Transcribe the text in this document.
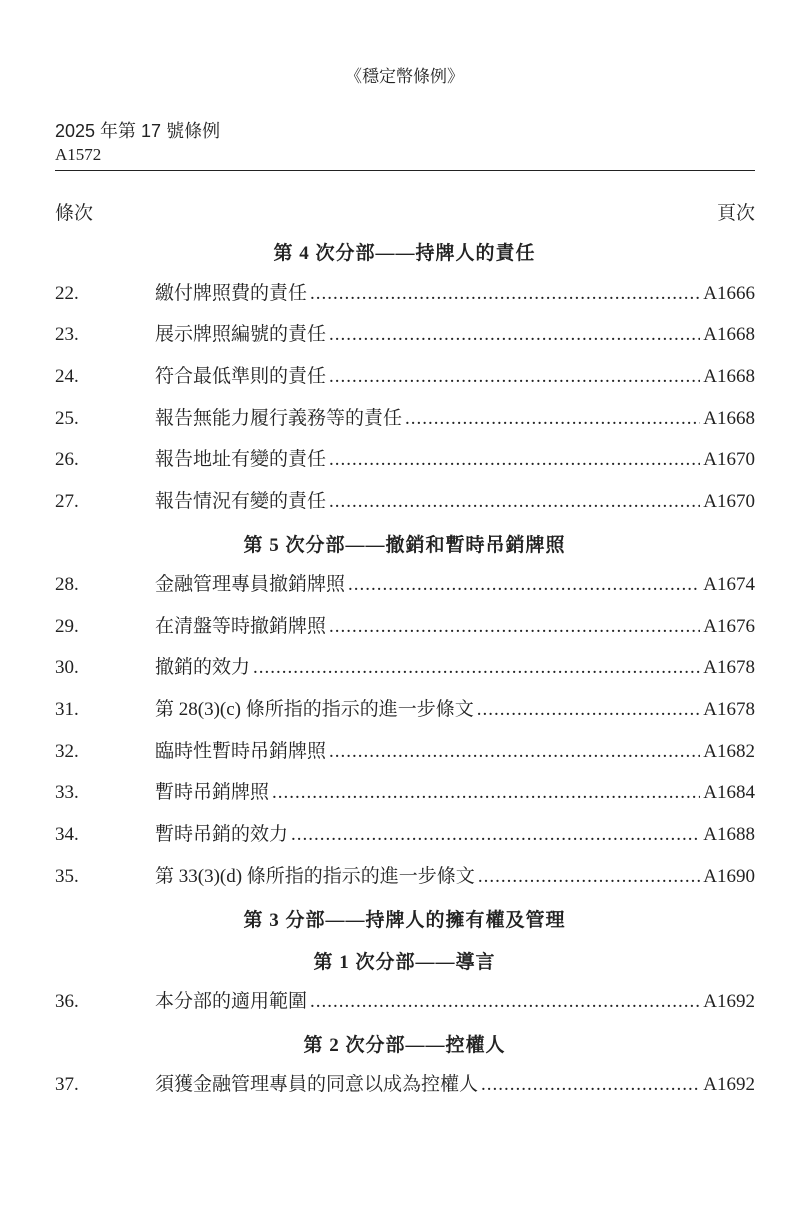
《穩定幣條例》
2025 年第 17 號條例
A1572
條次	頁次
第 4 次分部——持牌人的責任
22.	繳付牌照費的責任 .....	A1666
23.	展示牌照編號的責任 .....	A1668
24.	符合最低準則的責任 .....	A1668
25.	報告無能力履行義務等的責任 .....	A1668
26.	報告地址有變的責任 .....	A1670
27.	報告情況有變的責任 .....	A1670
第 5 次分部——撤銷和暫時吊銷牌照
28.	金融管理專員撤銷牌照 .....	A1674
29.	在清盤等時撤銷牌照 .....	A1676
30.	撤銷的效力 .....	A1678
31.	第 28(3)(c) 條所指的指示的進一步條文 .....	A1678
32.	臨時性暫時吊銷牌照 .....	A1682
33.	暫時吊銷牌照 .....	A1684
34.	暫時吊銷的效力 .....	A1688
35.	第 33(3)(d) 條所指的指示的進一步條文 .....	A1690
第 3 分部——持牌人的擁有權及管理
第 1 次分部——導言
36.	本分部的適用範圍 .....	A1692
第 2 次分部——控權人
37.	須獲金融管理專員的同意以成為控權人 .....	A1692
